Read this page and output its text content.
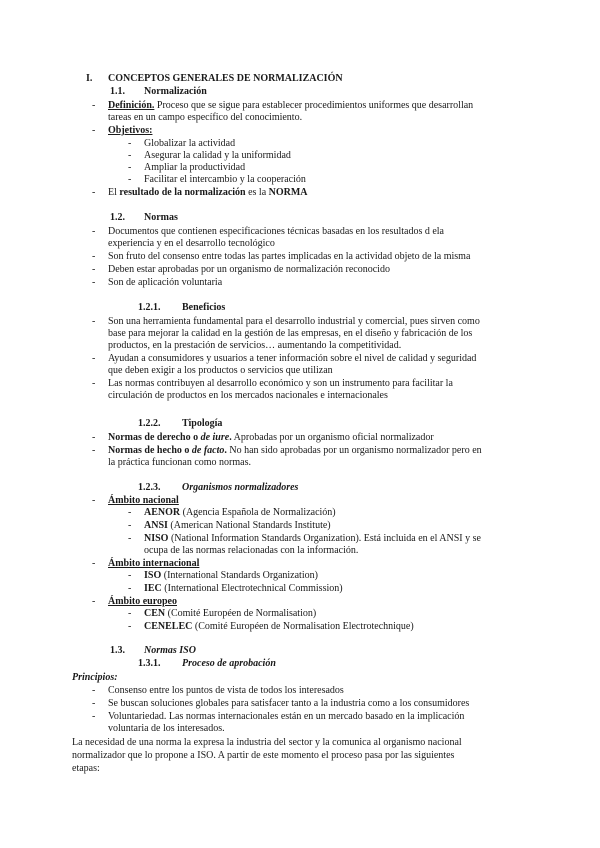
I. CONCEPTOS GENERALES DE NORMALIZACIÓN
1.1. Normalización
- Definición. Proceso que se sigue para establecer procedimientos uniformes que desarrollan
tareas en un campo específico del conocimiento.
- Objetivos:
- Globalizar la actividad
- Asegurar la calidad y la uniformidad
- Ampliar la productividad
- Facilitar el intercambio y la cooperación
- El resultado de la normalización es la NORMA
1.2. Normas
- Documentos que contienen especificaciones técnicas basadas en los resultados d ela
experiencia y en el desarrollo tecnológico
- Son fruto del consenso entre todas las partes implicadas en la actividad objeto de la misma
- Deben estar aprobadas por un organismo de normalización reconocido
- Son de aplicación voluntaria
1.2.1. Beneficios
- Son una herramienta fundamental para el desarrollo industrial y comercial, pues sirven como
base para mejorar la calidad en la gestión de las empresas, en el diseño y fabricación de los
productos, en la prestación de servicios… aumentando la competitividad.
- Ayudan a consumidores y usuarios a tener información sobre el nivel de calidad y seguridad
que deben exigir a los productos o servicios que utilizan
- Las normas contribuyen al desarrollo económico y son un instrumento para facilitar la
circulación de productos en los mercados nacionales e internacionales
1.2.2. Tipología
- Normas de derecho o de iure. Aprobadas por un organismo oficial normalizador
- Normas de hecho o de facto. No han sido aprobadas por un organismo normalizador pero en
la práctica funcionan como normas.
1.2.3. Organismos normalizadores
- Ámbito nacional
- AENOR (Agencia Española de Normalización)
- ANSI (American National Standards Institute)
- NISO (National Information Standards Organization). Está incluida en el ANSI y se
ocupa de las normas relacionadas con la información.
- Ámbito internacional
- ISO (International Standards Organization)
- IEC (International Electrotechnical Commission)
- Ámbito europeo
- CEN (Comité Européen de Normalisation)
- CENELEC (Comité Européen de Normalisation Electrotechnique)
1.3. Normas ISO
1.3.1. Proceso de aprobación
Principios:
- Consenso entre los puntos de vista de todos los interesados
- Se buscan soluciones globales para satisfacer tanto a la industria como a los consumidores
- Voluntariedad. Las normas internacionales están en un mercado basado en la implicación
voluntaria de los interesados.
La necesidad de una norma la expresa la industria del sector y la comunica al organismo nacional
normalizador que lo propone a ISO. A partir de este momento el proceso pasa por las siguientes
etapas:
